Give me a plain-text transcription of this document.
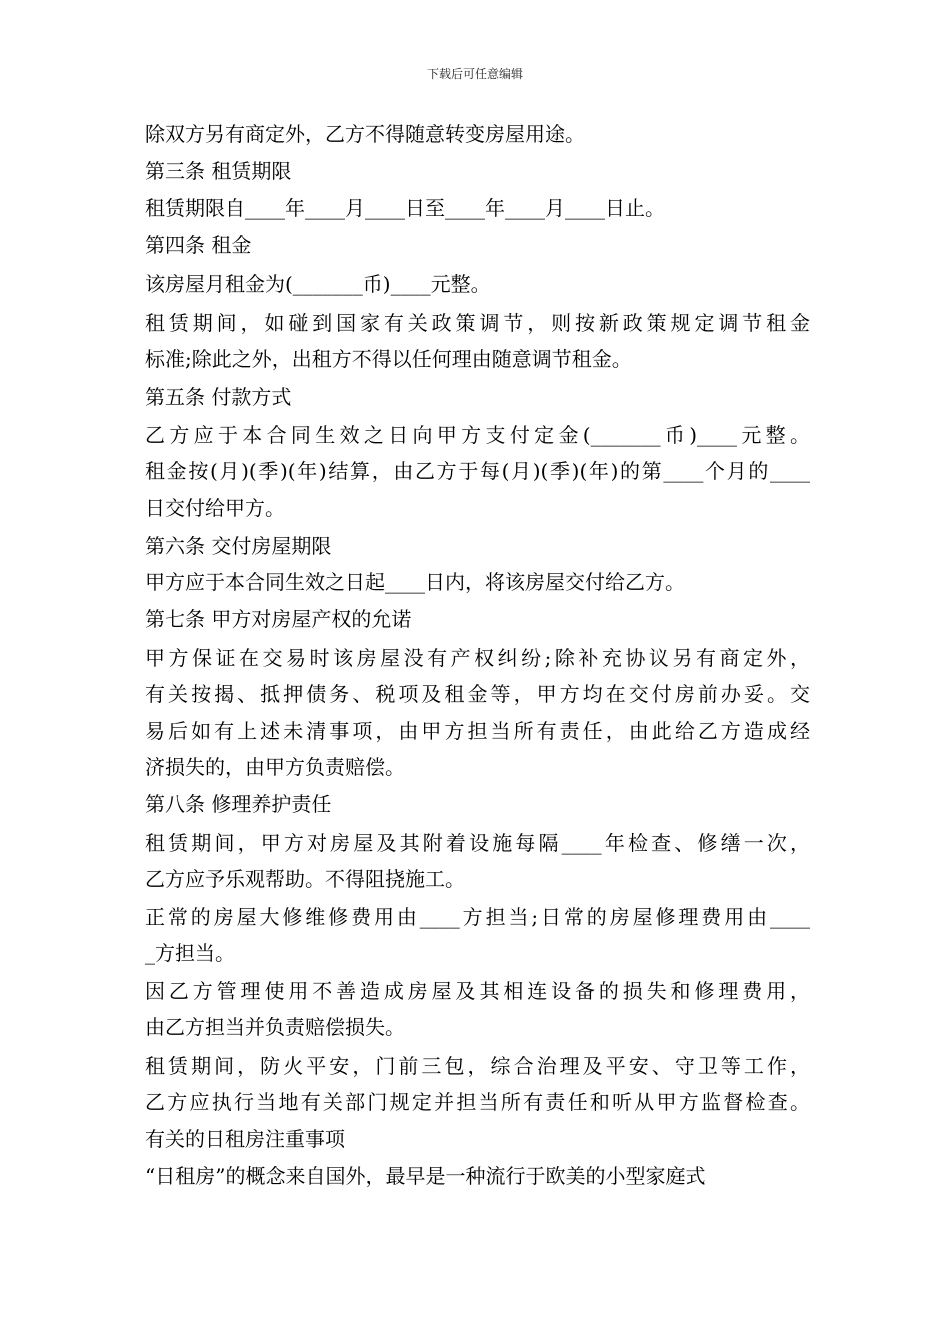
下载后可任意编辑
除双方另有商定外，乙方不得随意转变房屋用途。
第三条 租赁期限
租赁期限自____年____月____日至____年____月____日止。
第四条 租金
该房屋月租金为(_______币)____元整。
租赁期间，如碰到国家有关政策调节，则按新政策规定调节租金
标准;除此之外，出租方不得以任何理由随意调节租金。
第五条 付款方式
乙方应于本合同生效之日向甲方支付定金(_______币)____元整。
租金按(月)(季)(年)结算，由乙方于每(月)(季)(年)的第____个月的____
日交付给甲方。
第六条 交付房屋期限
甲方应于本合同生效之日起____日内，将该房屋交付给乙方。
第七条 甲方对房屋产权的允诺
甲方保证在交易时该房屋没有产权纠纷;除补充协议另有商定外，
有关按揭、抵押债务、税项及租金等，甲方均在交付房前办妥。交
易后如有上述未清事项，由甲方担当所有责任，由此给乙方造成经
济损失的，由甲方负责赔偿。
第八条 修理养护责任
租赁期间，甲方对房屋及其附着设施每隔____年检查、修缮一次，
乙方应予乐观帮助。不得阻挠施工。
正常的房屋大修维修费用由____方担当;日常的房屋修理费用由____
_方担当。
因乙方管理使用不善造成房屋及其相连设备的损失和修理费用，
由乙方担当并负责赔偿损失。
租赁期间，防火平安，门前三包，综合治理及平安、守卫等工作，
乙方应执行当地有关部门规定并担当所有责任和听从甲方监督检查。
有关的日租房注重事项
“日租房”的概念来自国外，最早是一种流行于欧美的小型家庭式
